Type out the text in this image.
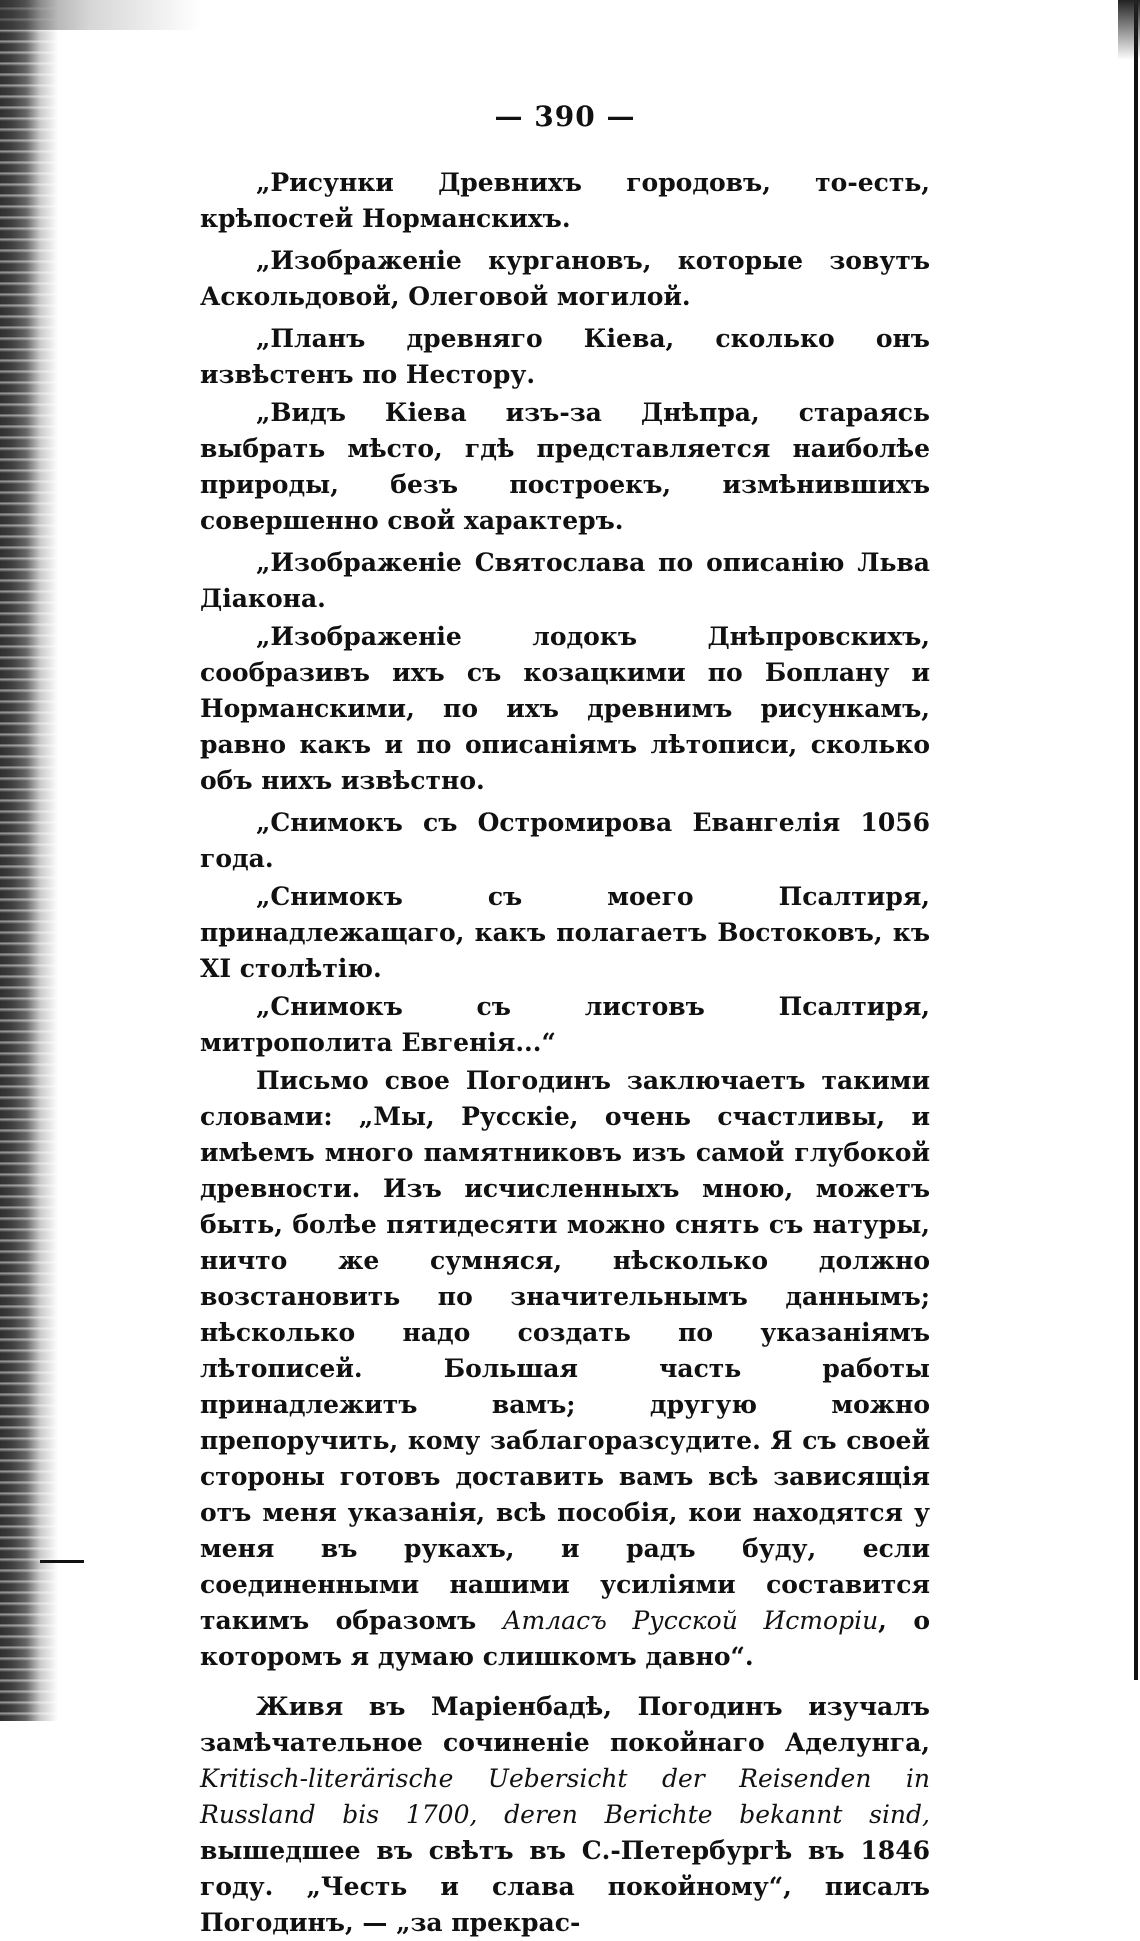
— 390 —

„Рисунки Древнихъ городовъ, то-есть, крѣпостей Норманскихъ.

„Изображеніе кургановъ, которые зовутъ Аскольдовой, Олеговой могилой.

„Планъ древняго Кіева, сколько онъ извѣстенъ по Нестору.

„Видъ Кіева изъ-за Днѣпра, стараясь выбрать мѣсто, гдѣ представляется наиболѣе природы, безъ построекъ, измѣнившихъ совершенно свой характеръ.

„Изображеніе Святослава по описанію Льва Діакона.

„Изображеніе лодокъ Днѣпровскихъ, сообразивъ ихъ съ козацкими по Боплану и Норманскими, по ихъ древнимъ рисункамъ, равно какъ и по описаніямъ лѣтописи, сколько объ нихъ извѣстно.

„Снимокъ съ Остромирова Евангелія 1056 года.

„Снимокъ съ моего Псалтиря, принадлежащаго, какъ полагаетъ Востоковъ, къ XI столѣтію.

„Снимокъ съ листовъ Псалтиря, митрополита Евгенія...“

Письмо свое Погодинъ заключаетъ такими словами: „Мы, Русскіе, очень счастливы, и имѣемъ много памятниковъ изъ самой глубокой древности. Изъ исчисленныхъ мною, можетъ быть, болѣе пятидесяти можно снять съ натуры, ничто же сумняся, нѣсколько должно возстановить по значительнымъ даннымъ; нѣсколько надо создать по указаніямъ лѣтописей. Большая часть работы принадлежитъ вамъ; другую можно препоручить, кому заблагоразсудите. Я съ своей стороны готовъ доставить вамъ всѣ зависящія отъ меня указанія, всѣ пособія, кои находятся у меня въ рукахъ, и радъ буду, если соединенными нашими усиліями составится такимъ образомъ Атласъ Русской Исторіи, о которомъ я думаю слишкомъ давно“.

Живя въ Маріенбадѣ, Погодинъ изучалъ замѣчательное сочиненіе покойнаго Аделунга, Kritisch-literärische Uebersicht der Reisenden in Russland bis 1700, deren Berichte bekannt sind, вышедшее въ свѣтъ въ С.-Петербургѣ въ 1846 году. „Честь и слава покойному“, писалъ Погодинъ, — „за прекрас-
